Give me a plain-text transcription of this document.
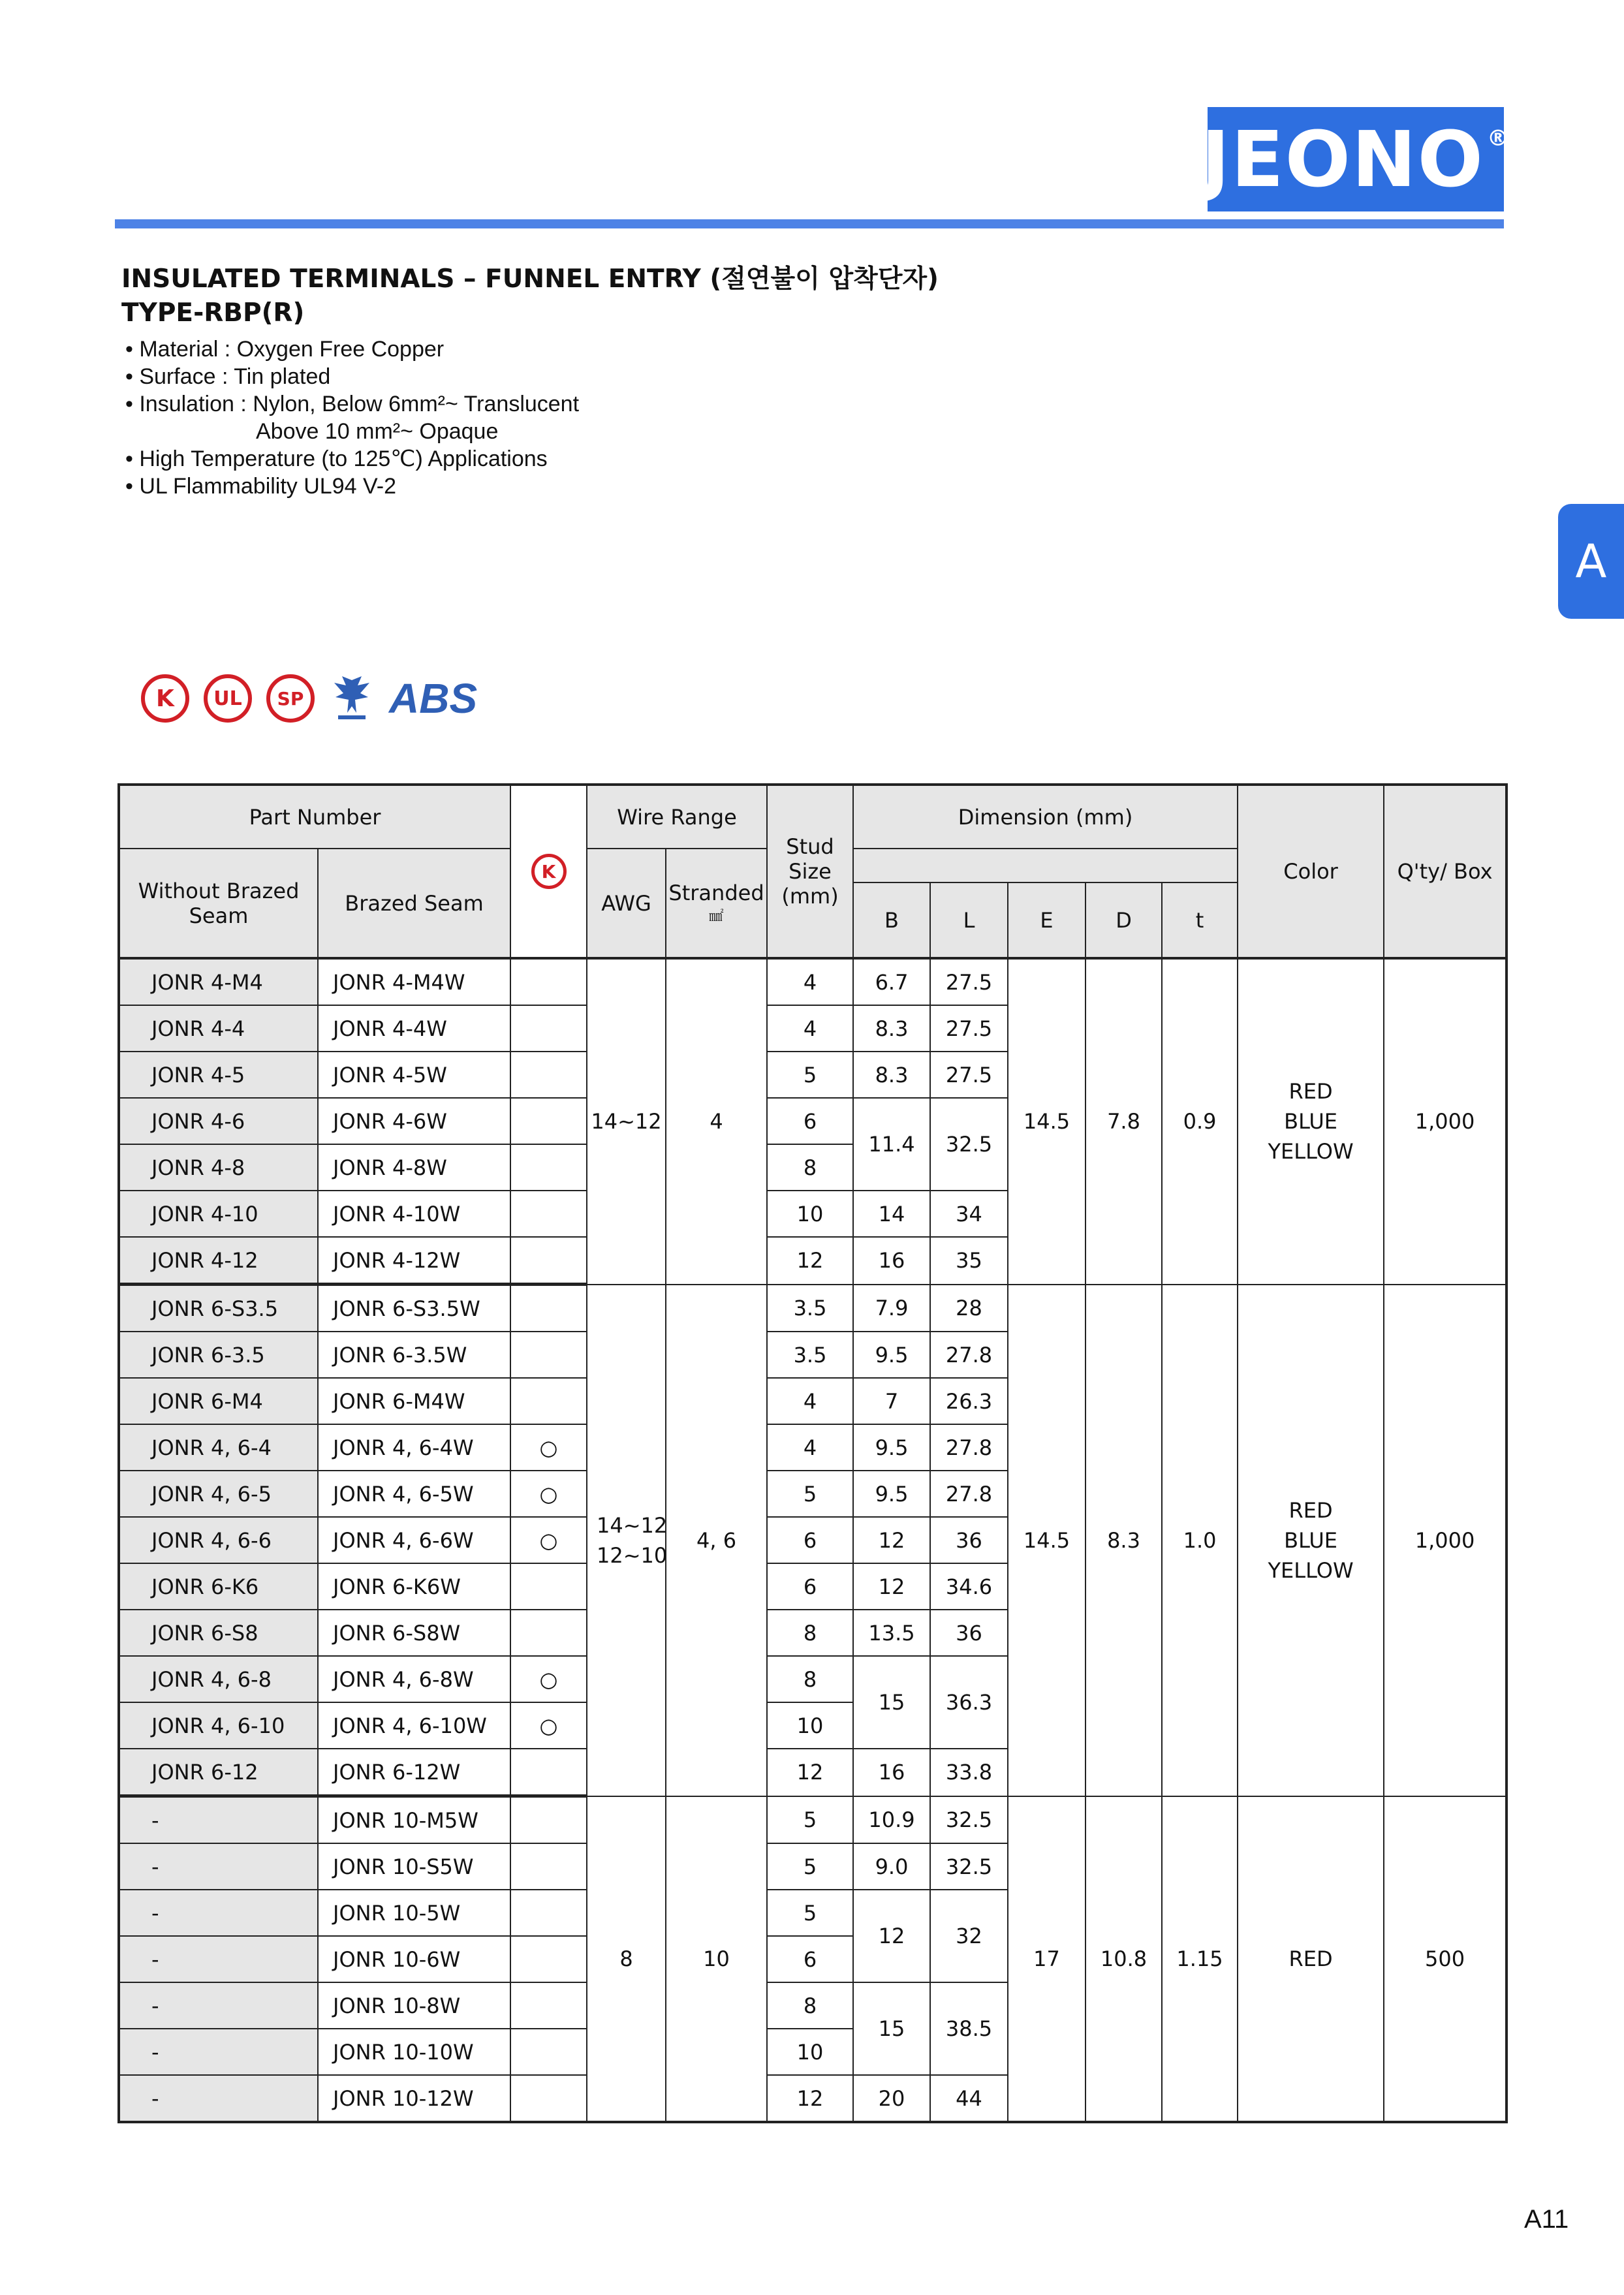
JEONO®
A
INSULATED TERMINALS – FUNNEL ENTRY (절연불이 압착단자)
TYPE-RBP(R)
• Material : Oxygen Free Copper
• Surface : Tin plated
• Insulation : Nylon, Below 6mm²~ Translucent
Above 10 mm²~ Opaque
• High Temperature (to 125℃) Applications
• UL Flammability UL94 V-2
K	UL	SP ABS
Part Number		K	Wire Range		Stud Size (mm)	Dimension (mm)					Color	Q'ty/ Box
Without Brazed Seam	Brazed Seam		AWG	Stranded
㎟								

						B	L	E	D	t		
JONR 4-M4	JONR 4-M4W		14~12	4	4	6.7	27.5	14.5	7.8	0.9	RED BLUE YELLOW	1,000
JONR 4-4	JONR 4-4W				4	8.3	27.5					
JONR 4-5	JONR 4-5W				5	8.3	27.5					
JONR 4-6	JONR 4-6W				6	11.4	32.5					
JONR 4-8	JONR 4-8W				8							
JONR 4-10	JONR 4-10W				10	14	34					
JONR 4-12	JONR 4-12W				12	16	35					
JONR 6-S3.5	JONR 6-S3.5W		14~12 12~10	4, 6	3.5	7.9	28	14.5	8.3	1.0	RED BLUE YELLOW	1,000
JONR 6-3.5	JONR 6-3.5W				3.5	9.5	27.8					
JONR 6-M4	JONR 6-M4W				4	7	26.3					
JONR 4, 6-4	JONR 4, 6-4W	○			4	9.5	27.8					
JONR 4, 6-5	JONR 4, 6-5W	○			5	9.5	27.8					
JONR 4, 6-6	JONR 4, 6-6W	○			6	12	36					
JONR 6-K6	JONR 6-K6W				6	12	34.6					
JONR 6-S8	JONR 6-S8W				8	13.5	36					
JONR 4, 6-8	JONR 4, 6-8W	○			8	15	36.3					
JONR 4, 6-10	JONR 4, 6-10W	○			10							
JONR 6-12	JONR 6-12W				12	16	33.8					
-	JONR 10-M5W		8	10	5	10.9	32.5	17	10.8	1.15	RED	500
-	JONR 10-S5W				5	9.0	32.5					
-	JONR 10-5W				5	12	32					
-	JONR 10-6W				6							
-	JONR 10-8W				8	15	38.5					
-	JONR 10-10W				10							
-	JONR 10-12W				12	20	44					
A11
